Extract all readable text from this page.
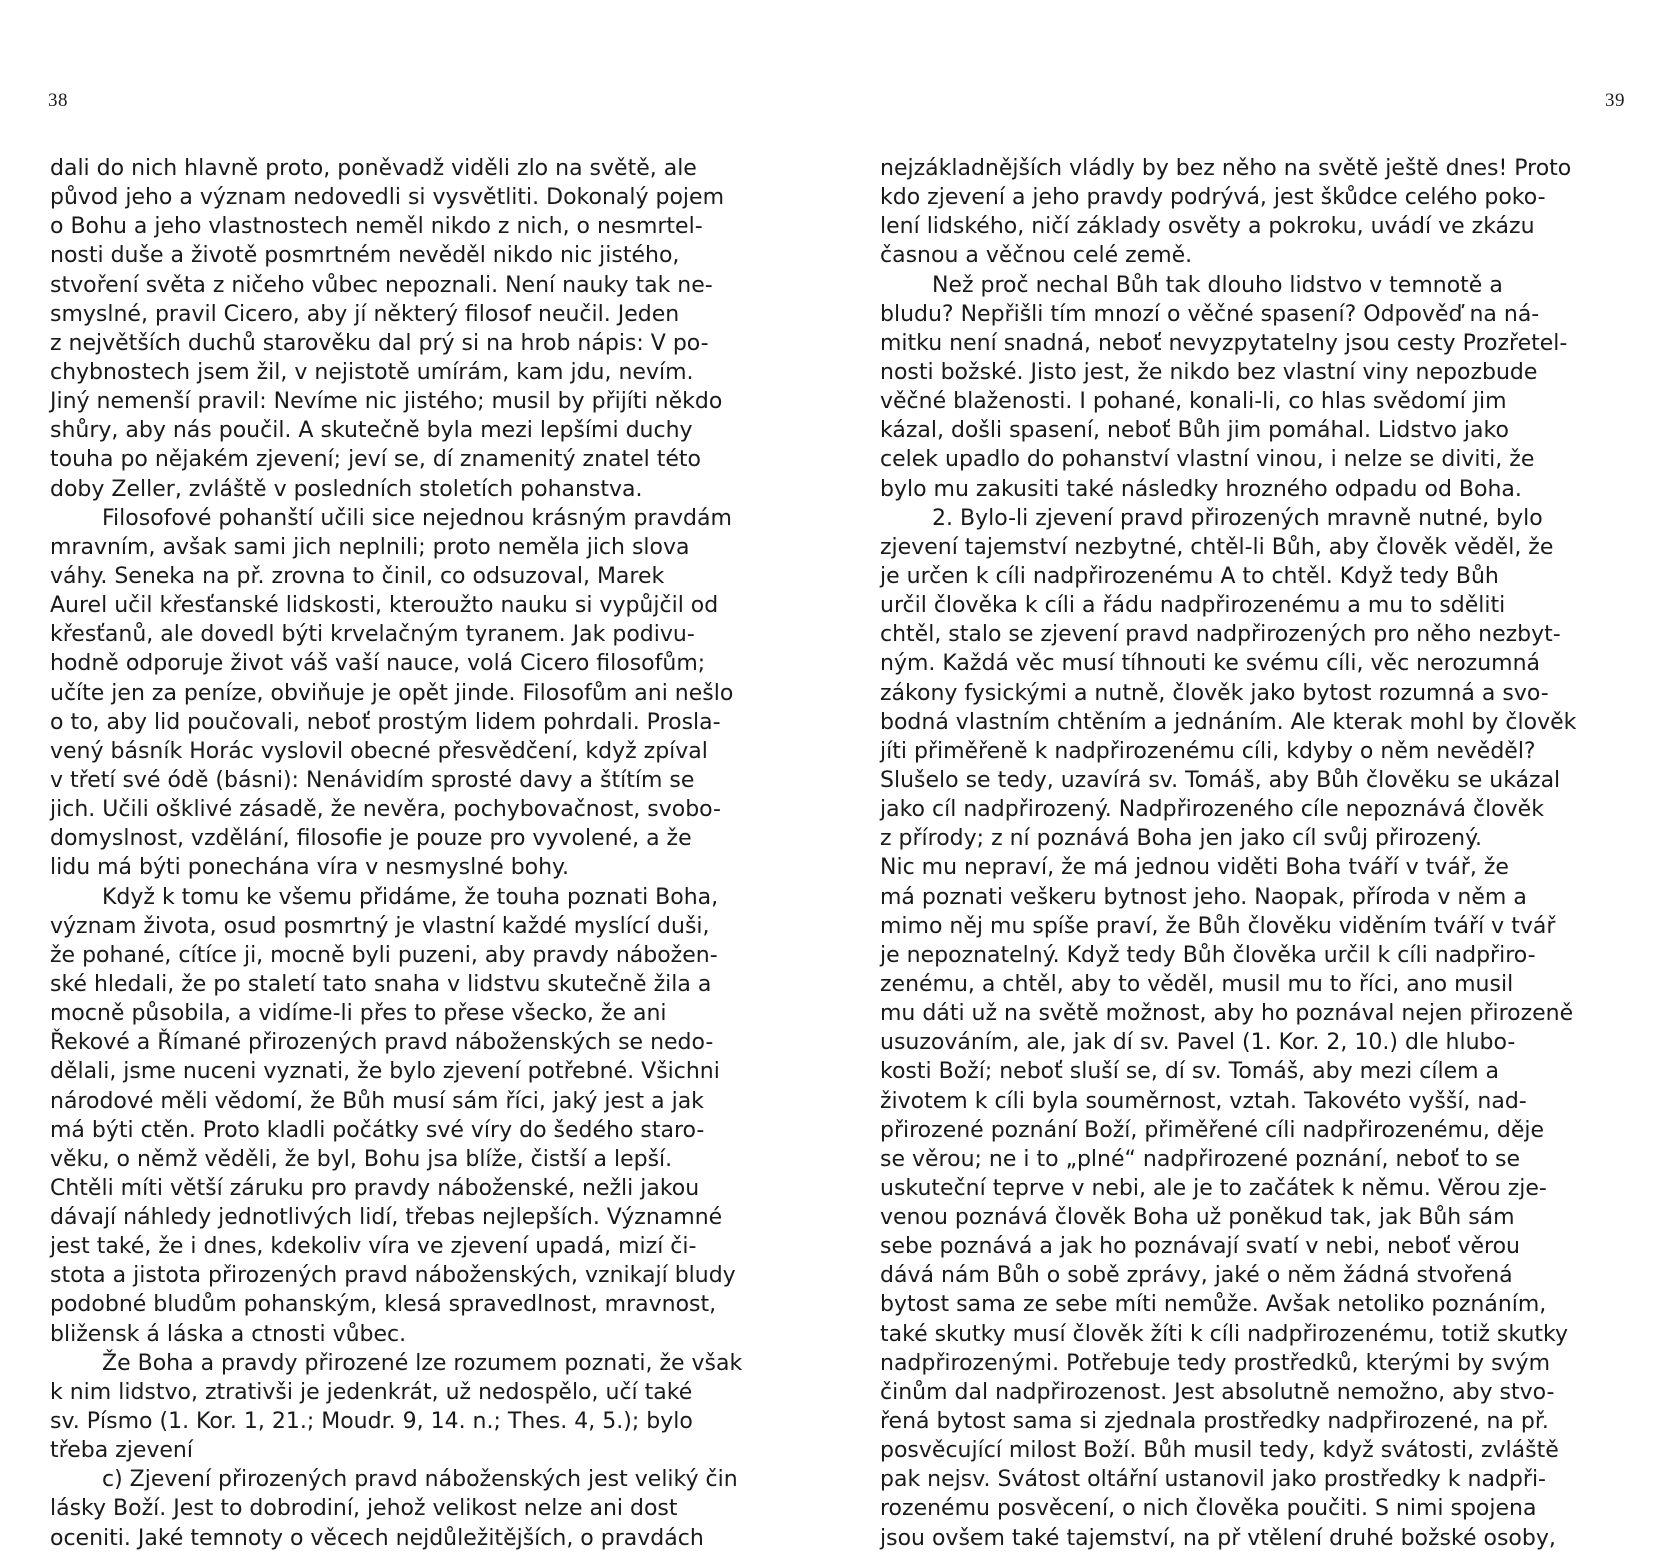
38
dali do nich hlavně proto, poněvadž viděli zlo na světě, ale
původ jeho a význam nedovedli si vysvětliti. Dokonalý pojem
o Bohu a jeho vlastnostech neměl nikdo z nich, o nesmrtel-
nosti duše a životě posmrtném nevěděl nikdo nic jistého,
stvoření světa z ničeho vůbec nepoznali. Není nauky tak ne-
smyslné, pravil Cicero, aby jí některý filosof neučil. Jeden
z největších duchů starověku dal prý si na hrob nápis: V po-
chybnostech jsem žil, v nejistotě umírám, kam jdu, nevím.
Jiný nemenší pravil: Nevíme nic jistého; musil by přijíti někdo
shůry, aby nás poučil. A skutečně byla mezi lepšími duchy
touha po nějakém zjevení; jeví se, dí znamenitý znatel této
doby Zeller, zvláště v posledních stoletích pohanstva.
Filosofové pohanští učili sice nejednou krásným pravdám
mravním, avšak sami jich neplnili; proto neměla jich slova
váhy. Seneka na př. zrovna to činil, co odsuzoval, Marek
Aurel učil křesťanské lidskosti, kteroužto nauku si vypůjčil od
křesťanů, ale dovedl býti krvelačným tyranem. Jak podivu-
hodně odporuje život váš vaší nauce, volá Cicero filosofům;
učíte jen za peníze, obviňuje je opět jinde. Filosofům ani nešlo
o to, aby lid poučovali, neboť prostým lidem pohrdali. Prosla-
vený básník Horác vyslovil obecné přesvědčení, když zpíval
v třetí své ódě (básni): Nenávidím sprosté davy a štítím se
jich. Učili ošklivé zásadě, že nevěra, pochybovačnost, svobo-
domyslnost, vzdělání, filosofie je pouze pro vyvolené, a že
lidu má býti ponechána víra v nesmyslné bohy.
Když k tomu ke všemu přidáme, že touha poznati Boha,
význam života, osud posmrtný je vlastní každé myslící duši,
že pohané, cítíce ji, mocně byli puzeni, aby pravdy nábožen-
ské hledali, že po staletí tato snaha v lidstvu skutečně žila a
mocně působila, a vidíme-li přes to přese všecko, že ani
Řekové a Římané přirozených pravd náboženských se nedo-
dělali, jsme nuceni vyznati, že bylo zjevení potřebné. Všichni
národové měli vědomí, že Bůh musí sám říci, jaký jest a jak
má býti ctěn. Proto kladli počátky své víry do šedého staro-
věku, o němž věděli, že byl, Bohu jsa blíže, čistší a lepší.
Chtěli míti větší záruku pro pravdy náboženské, nežli jakou
dávají náhledy jednotlivých lidí, třebas nejlepších. Významné
jest také, že i dnes, kdekoliv víra ve zjevení upadá, mizí či-
stota a jistota přirozených pravd náboženských, vznikají bludy
podobné bludům pohanským, klesá spravedlnost, mravnost,
bližensk á láska a ctnosti vůbec.
Že Boha a pravdy přirozené lze rozumem poznati, že však
k nim lidstvo, ztrativši je jedenkrát, už nedospělo, učí také
sv. Písmo (1. Kor. 1, 21.; Moudr. 9, 14. n.; Thes. 4, 5.); bylo
třeba zjevení
c) Zjevení přirozených pravd náboženských jest veliký čin
lásky Boží. Jest to dobrodiní, jehož velikost nelze ani dost
oceniti. Jaké temnoty o věcech nejdůležitějších, o pravdách
39
nejzákladnějších vládly by bez něho na světě ještě dnes! Proto
kdo zjevení a jeho pravdy podrývá, jest škůdce celého poko-
lení lidského, ničí základy osvěty a pokroku, uvádí ve zkázu
časnou a věčnou celé země.
Než proč nechal Bůh tak dlouho lidstvo v temnotě a
bludu? Nepřišli tím mnozí o věčné spasení? Odpověď na ná-
mitku není snadná, neboť nevyzpytatelny jsou cesty Prozřetel-
nosti božské. Jisto jest, že nikdo bez vlastní viny nepozbude
věčné blaženosti. I pohané, konali-li, co hlas svědomí jim
kázal, došli spasení, neboť Bůh jim pomáhal. Lidstvo jako
celek upadlo do pohanství vlastní vinou, i nelze se diviti, že
bylo mu zakusiti také následky hrozného odpadu od Boha.
2. Bylo-li zjevení pravd přirozených mravně nutné, bylo
zjevení tajemství nezbytné, chtěl-li Bůh, aby člověk věděl, že
je určen k cíli nadpřirozenému A to chtěl. Když tedy Bůh
určil člověka k cíli a řádu nadpřirozenému a mu to sděliti
chtěl, stalo se zjevení pravd nadpřirozených pro něho nezbyt-
ným. Každá věc musí tíhnouti ke svému cíli, věc nerozumná
zákony fysickými a nutně, člověk jako bytost rozumná a svo-
bodná vlastním chtěním a jednáním. Ale kterak mohl by člověk
jíti přiměřeně k nadpřirozenému cíli, kdyby o něm nevěděl?
Slušelo se tedy, uzavírá sv. Tomáš, aby Bůh člověku se ukázal
jako cíl nadpřirozený. Nadpřirozeného cíle nepoznává člověk
z přírody; z ní poznává Boha jen jako cíl svůj přirozený.
Nic mu nepraví, že má jednou viděti Boha tváří v tvář, že
má poznati veškeru bytnost jeho. Naopak, příroda v něm a
mimo něj mu spíše praví, že Bůh člověku viděním tváří v tvář
je nepoznatelný. Když tedy Bůh člověka určil k cíli nadpřiro-
zenému, a chtěl, aby to věděl, musil mu to říci, ano musil
mu dáti už na světě možnost, aby ho poznával nejen přirozeně
usuzováním, ale, jak dí sv. Pavel (1. Kor. 2, 10.) dle hlubo-
kosti Boží; neboť sluší se, dí sv. Tomáš, aby mezi cílem a
životem k cíli byla souměrnost, vztah. Takovéto vyšší, nad-
přirozené poznání Boží, přiměřené cíli nadpřirozenému, děje
se věrou; ne i to „plné“ nadpřirozené poznání, neboť to se
uskuteční teprve v nebi, ale je to začátek k němu. Věrou zje-
venou poznává člověk Boha už poněkud tak, jak Bůh sám
sebe poznává a jak ho poznávají svatí v nebi, neboť věrou
dává nám Bůh o sobě zprávy, jaké o něm žádná stvořená
bytost sama ze sebe míti nemůže. Avšak netoliko poznáním,
také skutky musí člověk žíti k cíli nadpřirozenému, totiž skutky
nadpřirozenými. Potřebuje tedy prostředků, kterými by svým
činům dal nadpřirozenost. Jest absolutně nemožno, aby stvo-
řená bytost sama si zjednala prostředky nadpřirozené, na př.
posvěcující milost Boží. Bůh musil tedy, když svátosti, zvláště
pak nejsv. Svátost oltářní ustanovil jako prostředky k nadpři-
rozenému posvěcení, o nich člověka poučiti. S nimi spojena
jsou ovšem také tajemství, na př vtělení druhé božské osoby,
